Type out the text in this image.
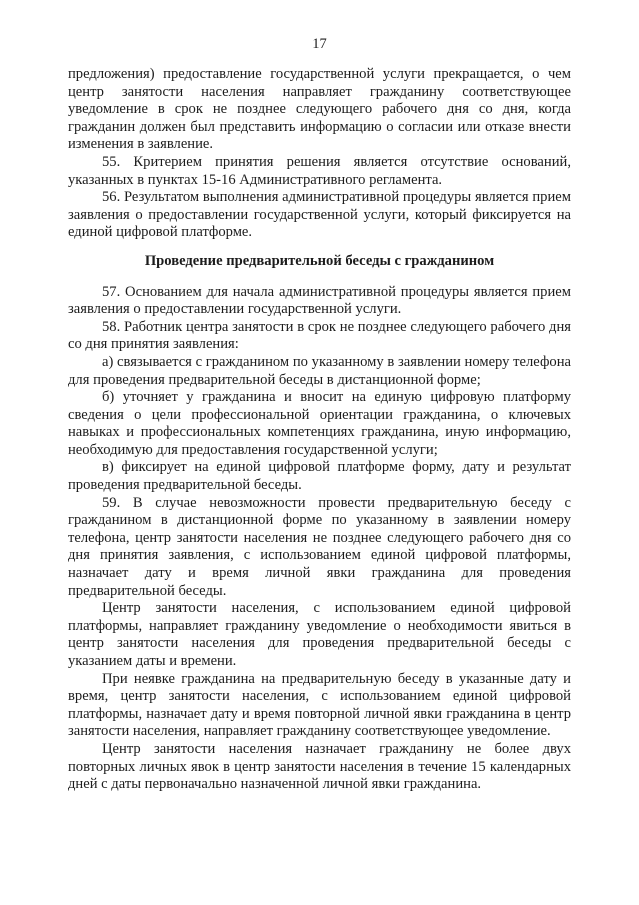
17

предложения) предоставление государственной услуги прекращается, о чем центр занятости населения направляет гражданину соответствующее уведомление в срок не позднее следующего рабочего дня со дня, когда гражданин должен был представить информацию о согласии или отказе внести изменения в заявление.

55. Критерием принятия решения является отсутствие оснований, указанных в пунктах 15-16 Административного регламента.

56. Результатом выполнения административной процедуры является прием заявления о предоставлении государственной услуги, который фиксируется на единой цифровой платформе.

Проведение предварительной беседы с гражданином

57. Основанием для начала административной процедуры является прием заявления о предоставлении государственной услуги.

58. Работник центра занятости в срок не позднее следующего рабочего дня со дня принятия заявления:

а) связывается с гражданином по указанному в заявлении номеру телефона для проведения предварительной беседы в дистанционной форме;

б) уточняет у гражданина и вносит на единую цифровую платформу сведения о цели профессиональной ориентации гражданина, о ключевых навыках и профессиональных компетенциях гражданина, иную информацию, необходимую для предоставления государственной услуги;

в) фиксирует на единой цифровой платформе форму, дату и результат проведения предварительной беседы.

59. В случае невозможности провести предварительную беседу с гражданином в дистанционной форме по указанному в заявлении номеру телефона, центр занятости населения не позднее следующего рабочего дня со дня принятия заявления, с использованием единой цифровой платформы, назначает дату и время личной явки гражданина для проведения предварительной беседы.

Центр занятости населения, с использованием единой цифровой платформы, направляет гражданину уведомление о необходимости явиться в центр занятости населения для проведения предварительной беседы с указанием даты и времени.

При неявке гражданина на предварительную беседу в указанные дату и время, центр занятости населения, с использованием единой цифровой платформы, назначает дату и время повторной личной явки гражданина в центр занятости населения, направляет гражданину соответствующее уведомление.

Центр занятости населения назначает гражданину не более двух повторных личных явок в центр занятости населения в течение 15 календарных дней с даты первоначально назначенной личной явки гражданина.
